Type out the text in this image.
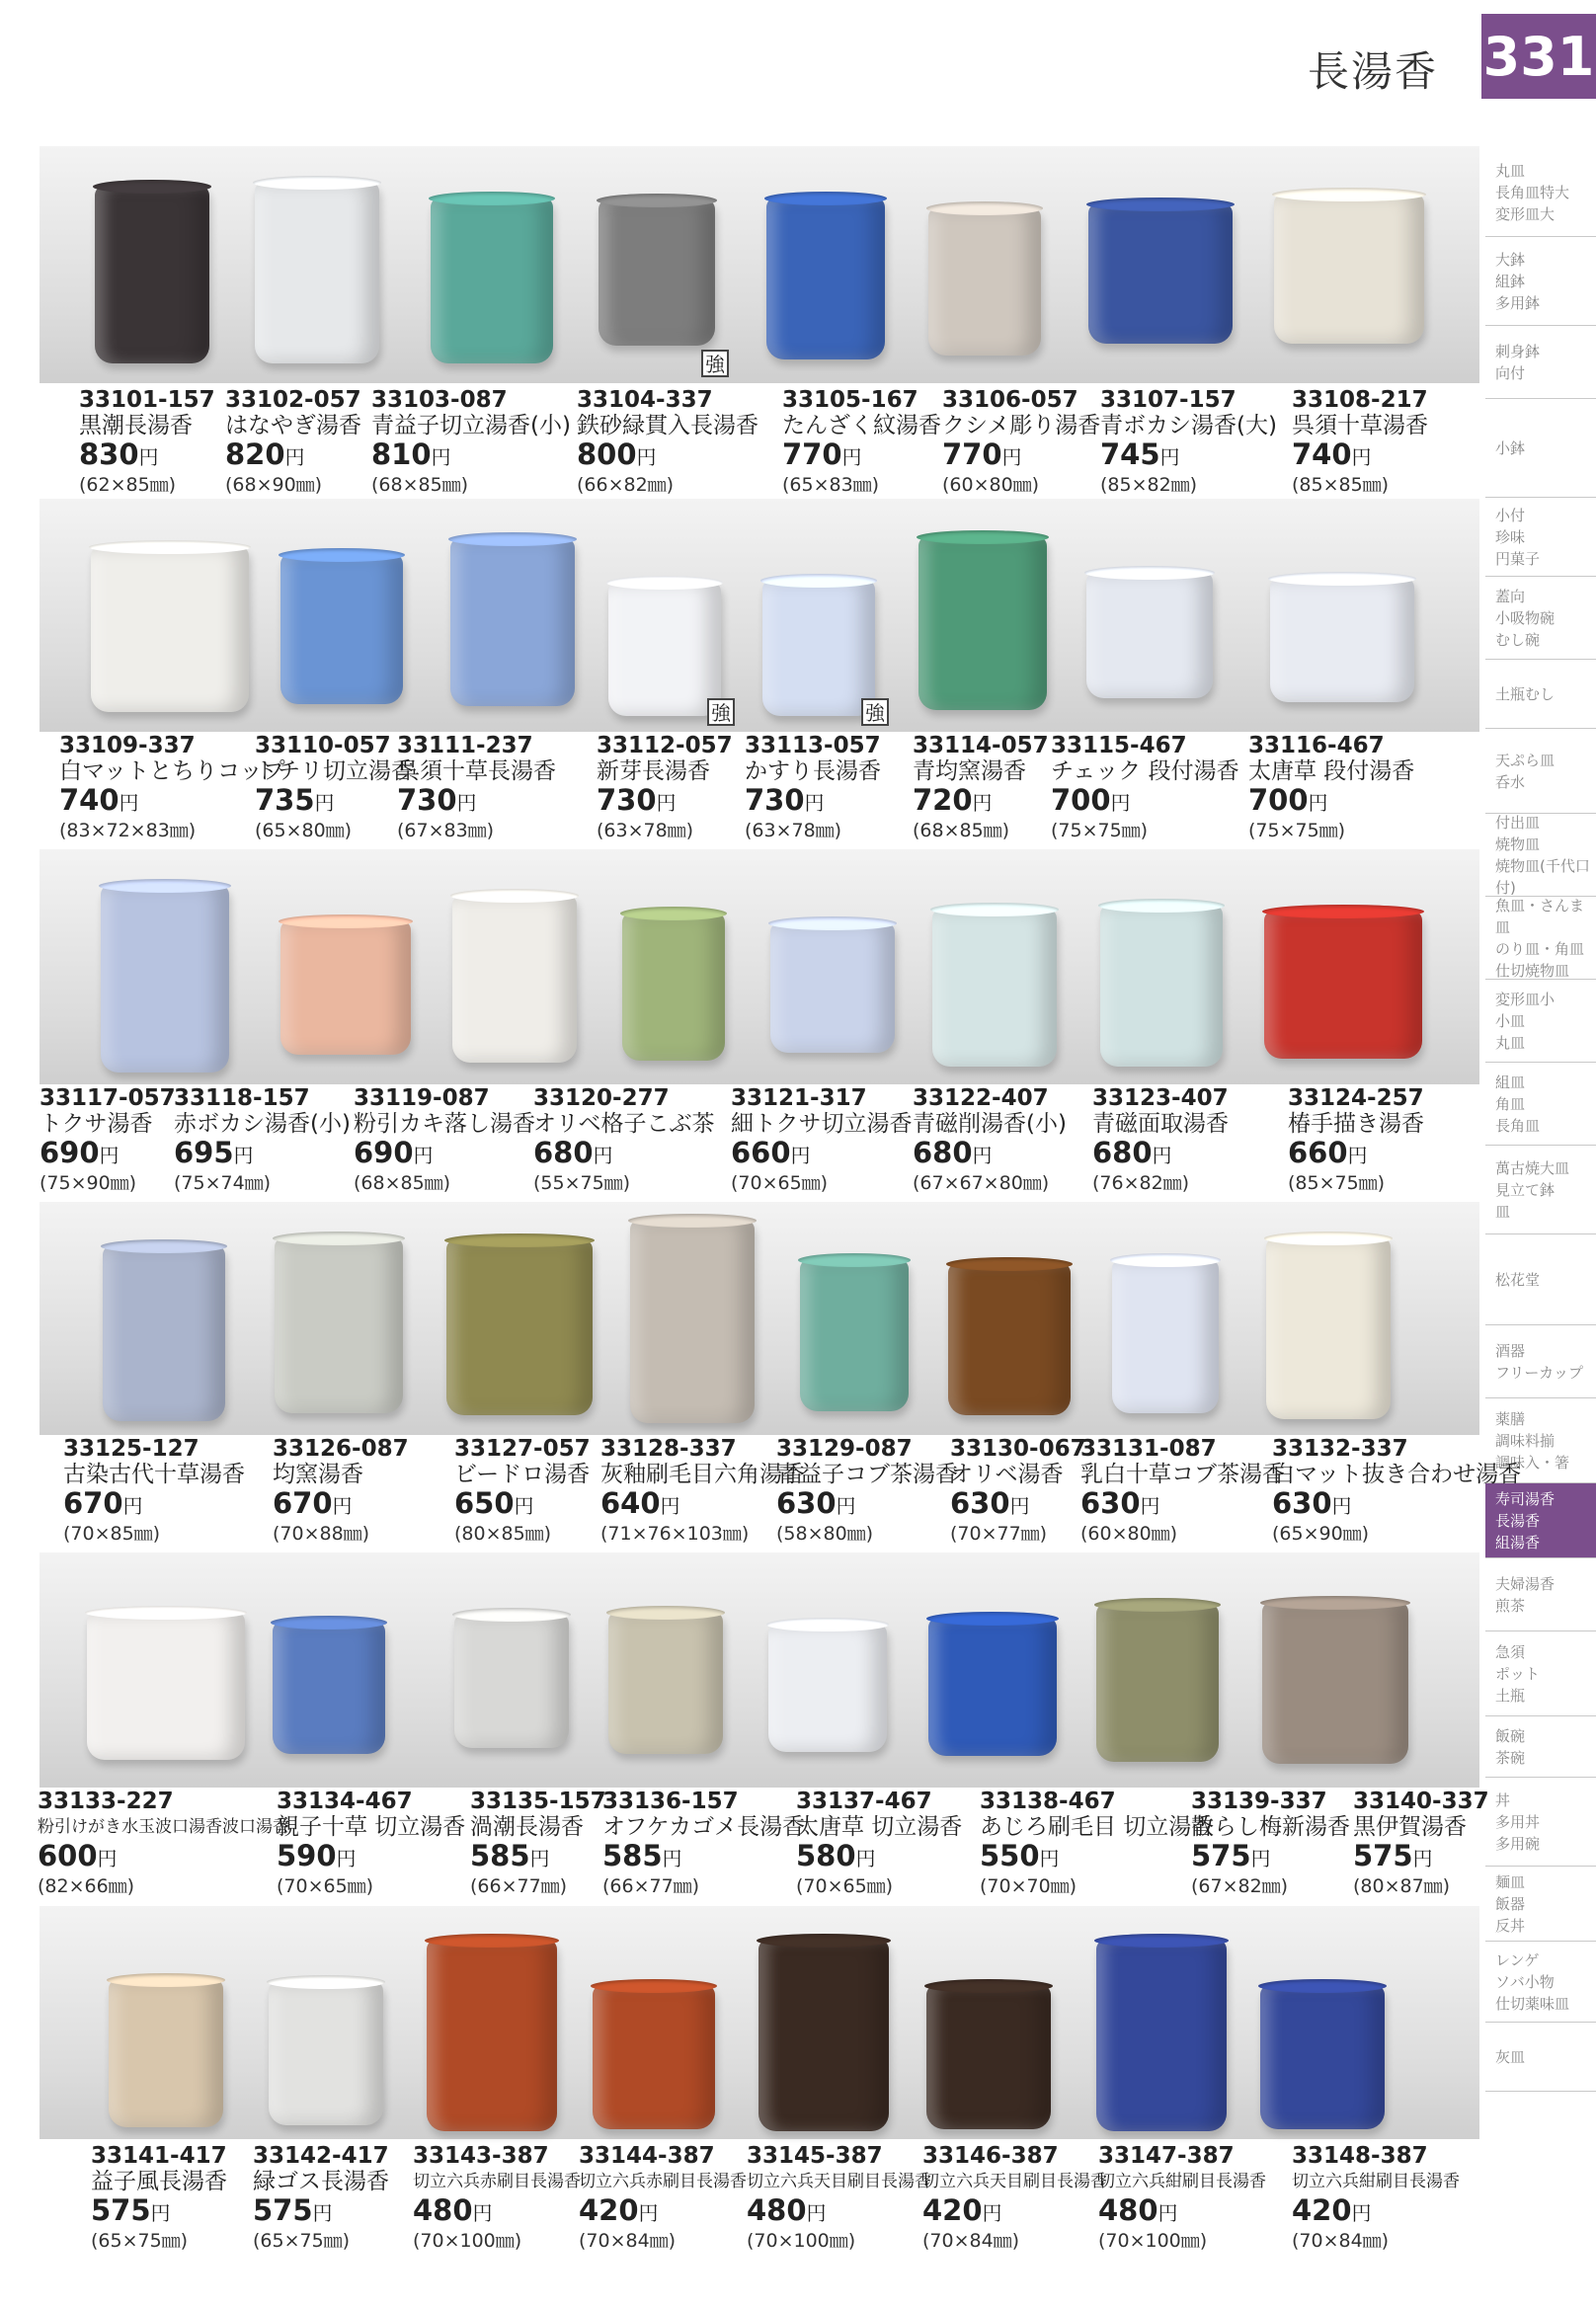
長湯香 331
丸皿
長角皿特大
変形皿大
大鉢
組鉢
多用鉢
刺身鉢
向付
小鉢
小付
珍味
円菓子
蓋向
小吸物碗
むし碗
土瓶むし
天ぷら皿
呑水
付出皿
焼物皿
焼物皿(千代口付)
魚皿・さんま皿
のり皿・角皿
仕切焼物皿
変形皿小
小皿
丸皿
組皿
角皿
長角皿
萬古焼大皿
見立て鉢
皿
松花堂
酒器
フリーカップ
薬膳
調味料揃
調味入・箸
寿司湯香
長湯香
組湯香
夫婦湯香
煎茶
急須
ポット
土瓶
飯碗
茶碗
丼
多用丼
多用碗
麺皿
飯器
反丼
レンゲ
ソバ小物
仕切薬味皿
灰皿
強
33101-157
黒潮長湯香
830円
(62×85㎜)
33102-057
はなやぎ湯香
820円
(68×90㎜)
33103-087
青益子切立湯香(小)
810円
(68×85㎜)
33104-337
鉄砂緑貫入長湯香
800円
(66×82㎜)
33105-167
たんざく紋湯香
770円
(65×83㎜)
33106-057
クシメ彫り湯香
770円
(60×80㎜)
33107-157
青ボカシ湯香(大)
745円
(85×82㎜)
33108-217
呉須十草湯香
740円
(85×85㎜)
強	強
33109-337
白マットとちりコップ
740円
(83×72×83㎜)
33110-057
トチリ切立湯香
735円
(65×80㎜)
33111-237
呉須十草長湯香
730円
(67×83㎜)
33112-057
新芽長湯香
730円
(63×78㎜)
33113-057
かすり長湯香
730円
(63×78㎜)
33114-057
青均窯湯香
720円
(68×85㎜)
33115-467
チェック 段付湯香
700円
(75×75㎜)
33116-467
太唐草 段付湯香
700円
(75×75㎜)
33117-057
トクサ湯香
690円
(75×90㎜)
33118-157
赤ボカシ湯香(小)
695円
(75×74㎜)
33119-087
粉引カキ落し湯香
690円
(68×85㎜)
33120-277
オリベ格子こぶ茶
680円
(55×75㎜)
33121-317
細トクサ切立湯香
660円
(70×65㎜)
33122-407
青磁削湯香(小)
680円
(67×67×80㎜)
33123-407
青磁面取湯香
680円
(76×82㎜)
33124-257
椿手描き湯香
660円
(85×75㎜)
33125-127
古染古代十草湯香
670円
(70×85㎜)
33126-087
均窯湯香
670円
(70×88㎜)
33127-057
ビードロ湯香
650円
(80×85㎜)
33128-337
灰釉刷毛目六角湯香
640円
(71×76×103㎜)
33129-087
青益子コブ茶湯香
630円
(58×80㎜)
33130-067
オリベ湯香
630円
(70×77㎜)
33131-087
乳白十草コブ茶湯香
630円
(60×80㎜)
33132-337
白マット抜き合わせ湯香
630円
(65×90㎜)
33133-227
粉引けがき水玉波口湯香波口湯香
600円
(82×66㎜)
33134-467
親子十草 切立湯香
590円
(70×65㎜)
33135-157
渦潮長湯香
585円
(66×77㎜)
33136-157
オフケカゴメ長湯香
585円
(66×77㎜)
33137-467
太唐草 切立湯香
580円
(70×65㎜)
33138-467
あじろ刷毛目 切立湯香
550円
(70×70㎜)
33139-337
散らし梅新湯香
575円
(67×82㎜)
33140-337
黒伊賀湯香
575円
(80×87㎜)
33141-417
益子風長湯香
575円
(65×75㎜)
33142-417
緑ゴス長湯香
575円
(65×75㎜)
33143-387
切立六兵赤刷目長湯香
480円
(70×100㎜)
33144-387
切立六兵赤刷目長湯香
420円
(70×84㎜)
33145-387
切立六兵天目刷目長湯香
480円
(70×100㎜)
33146-387
切立六兵天目刷目長湯香
420円
(70×84㎜)
33147-387
切立六兵紺刷目長湯香
480円
(70×100㎜)
33148-387
切立六兵紺刷目長湯香
420円
(70×84㎜)
